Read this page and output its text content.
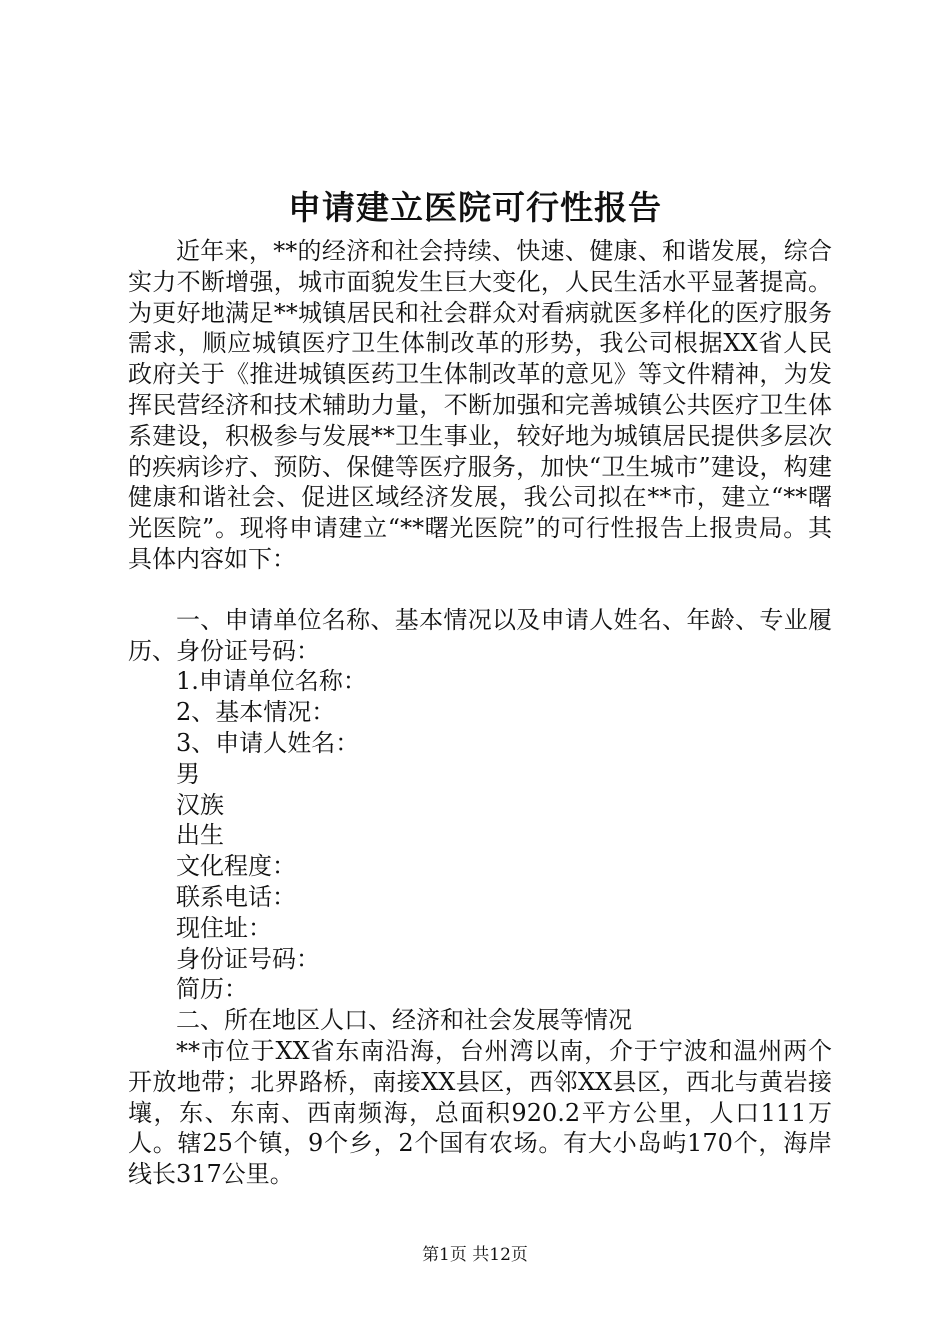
申请建立医院可行性报告

近年来，**的经济和社会持续、快速、健康、和谐发展，综合实力不断增强，城市面貌发生巨大变化，人民生活水平显著提高。为更好地满足**城镇居民和社会群众对看病就医多样化的医疗服务需求，顺应城镇医疗卫生体制改革的形势，我公司根据XX省人民政府关于《推进城镇医药卫生体制改革的意见》等文件精神，为发挥民营经济和技术辅助力量，不断加强和完善城镇公共医疗卫生体系建设，积极参与发展**卫生事业，较好地为城镇居民提供多层次的疾病诊疗、预防、保健等医疗服务，加快“卫生城市”建设，构建健康和谐社会、促进区域经济发展，我公司拟在**市，建立“**曙光医院”。现将申请建立“**曙光医院”的可行性报告上报贵局。其具体内容如下：

一、申请单位名称、基本情况以及申请人姓名、年龄、专业履历、身份证号码：

1.申请单位名称：

2、基本情况：

3、申请人姓名：

男

汉族

出生

文化程度：

联系电话：

现住址：

身份证号码：

简历：

二、所在地区人口、经济和社会发展等情况

**市位于XX省东南沿海，台州湾以南，介于宁波和温州两个开放地带；北界路桥，南接XX县区，西邻XX县区，西北与黄岩接壤，东、东南、西南频海，总面积920.2平方公里，人口111万人。辖25个镇，9个乡，2个国有农场。有大小岛屿170个，海岸线长317公里。

第1页 共12页
